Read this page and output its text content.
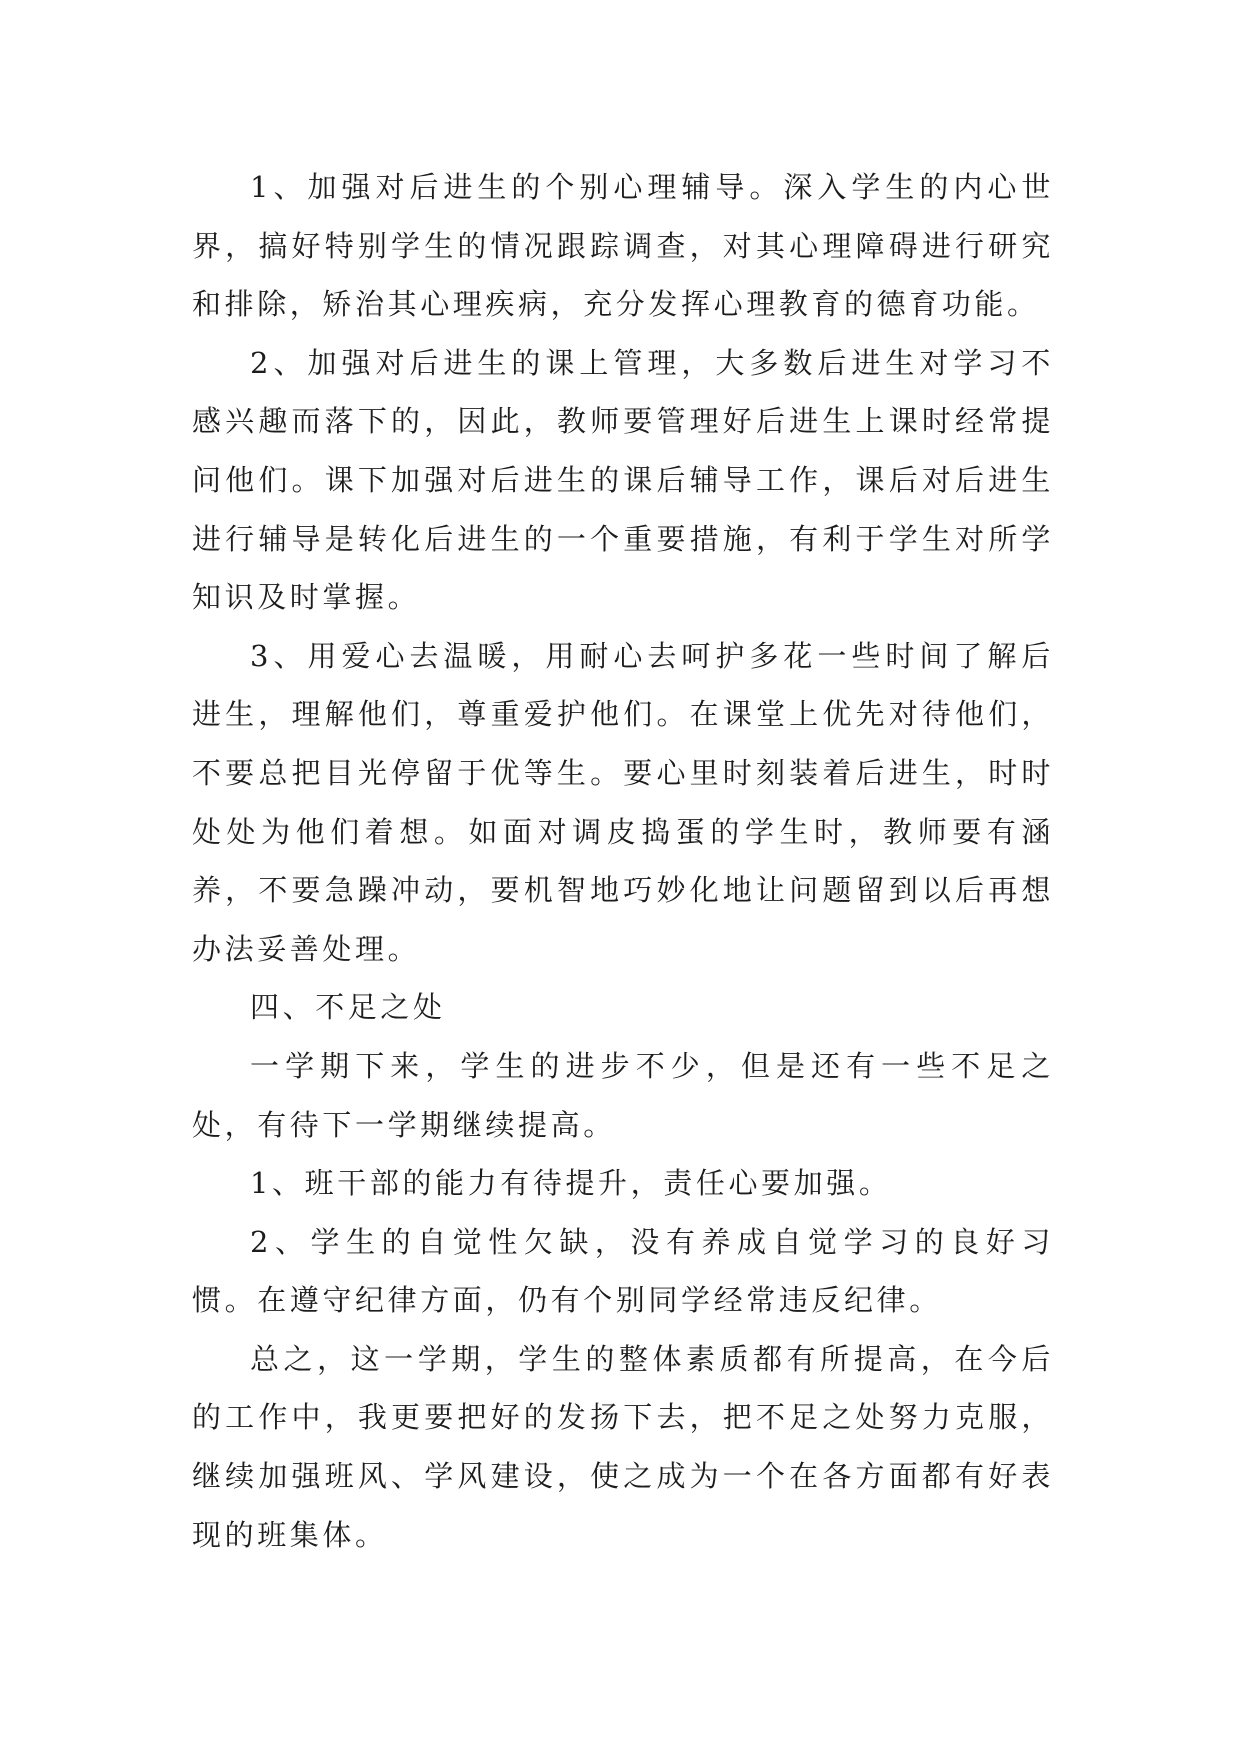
1、加强对后进生的个别心理辅导。深入学生的内心世界，搞好特别学生的情况跟踪调查，对其心理障碍进行研究和排除，矫治其心理疾病，充分发挥心理教育的德育功能。

2、加强对后进生的课上管理，大多数后进生对学习不感兴趣而落下的，因此，教师要管理好后进生上课时经常提问他们。课下加强对后进生的课后辅导工作，课后对后进生进行辅导是转化后进生的一个重要措施，有利于学生对所学知识及时掌握。

3、用爱心去温暖，用耐心去呵护多花一些时间了解后进生，理解他们，尊重爱护他们。在课堂上优先对待他们，不要总把目光停留于优等生。要心里时刻装着后进生，时时处处为他们着想。如面对调皮捣蛋的学生时，教师要有涵养，不要急躁冲动，要机智地巧妙化地让问题留到以后再想办法妥善处理。

四、不足之处

一学期下来，学生的进步不少，但是还有一些不足之处，有待下一学期继续提高。

1、班干部的能力有待提升，责任心要加强。

2、学生的自觉性欠缺，没有养成自觉学习的良好习惯。在遵守纪律方面，仍有个别同学经常违反纪律。

总之，这一学期，学生的整体素质都有所提高，在今后的工作中，我更要把好的发扬下去，把不足之处努力克服，继续加强班风、学风建设，使之成为一个在各方面都有好表现的班集体。
